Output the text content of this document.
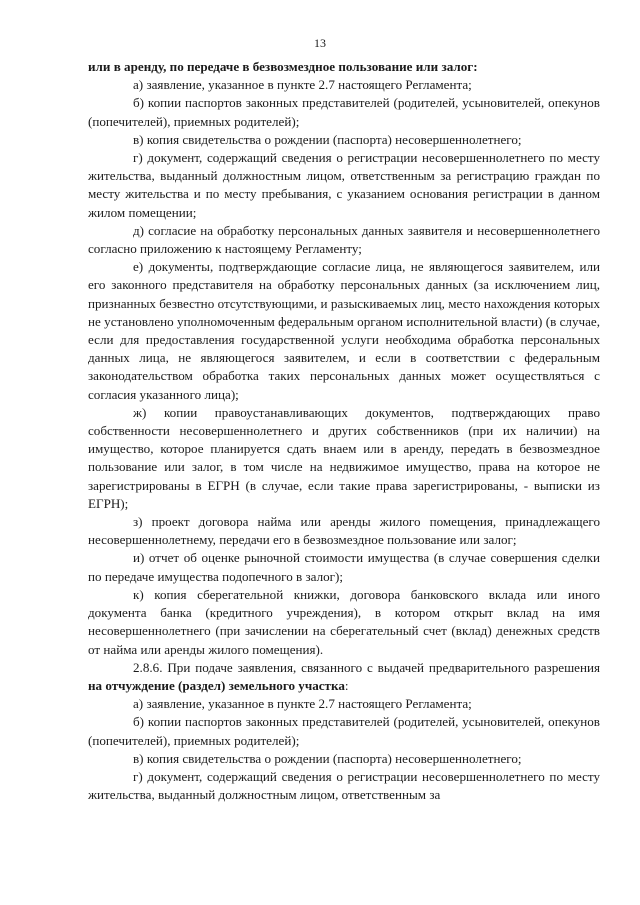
13

или в аренду, по передаче в безвозмездное пользование или залог:

а) заявление, указанное в пункте 2.7 настоящего Регламента;

б) копии паспортов законных представителей (родителей, усыновителей, опекунов (попечителей), приемных родителей);

в) копия свидетельства о рождении (паспорта) несовершеннолетнего;

г) документ, содержащий сведения о регистрации несовершеннолетнего по месту жительства, выданный должностным лицом, ответственным за регистрацию граждан по месту жительства и по месту пребывания, с указанием основания регистрации в данном жилом помещении;

д) согласие на обработку персональных данных заявителя и несовершеннолетнего согласно приложению к настоящему Регламенту;

е) документы, подтверждающие согласие лица, не являющегося заявителем, или его законного представителя на обработку персональных данных (за исключением лиц, признанных безвестно отсутствующими, и разыскиваемых лиц, место нахождения которых не установлено уполномоченным федеральным органом исполнительной власти) (в случае, если для предоставления государственной услуги необходима обработка персональных данных лица, не являющегося заявителем, и если в соответствии с федеральным законодательством обработка таких персональных данных может осуществляться с согласия указанного лица);

ж) копии правоустанавливающих документов, подтверждающих право собственности несовершеннолетнего и других собственников (при их наличии) на имущество, которое планируется сдать внаем или в аренду, передать в безвозмездное пользование или залог, в том числе на недвижимое имущество, права на которое не зарегистрированы в ЕГРН (в случае, если такие права зарегистрированы, - выписки из ЕГРН);

з) проект договора найма или аренды жилого помещения, принадлежащего несовершеннолетнему, передачи его в безвозмездное пользование или залог;

и) отчет об оценке рыночной стоимости имущества (в случае совершения сделки по передаче имущества подопечного в залог);

к) копия сберегательной книжки, договора банковского вклада или иного документа банка (кредитного учреждения), в котором открыт вклад на имя несовершеннолетнего (при зачислении на сберегательный счет (вклад) денежных средств от найма или аренды жилого помещения).

2.8.6. При подаче заявления, связанного с выдачей предварительного разрешения на отчуждение (раздел) земельного участка:

а) заявление, указанное в пункте 2.7 настоящего Регламента;

б) копии паспортов законных представителей (родителей, усыновителей, опекунов (попечителей), приемных родителей);

в) копия свидетельства о рождении (паспорта) несовершеннолетнего;

г) документ, содержащий сведения о регистрации несовершеннолетнего по месту жительства, выданный должностным лицом, ответственным за
